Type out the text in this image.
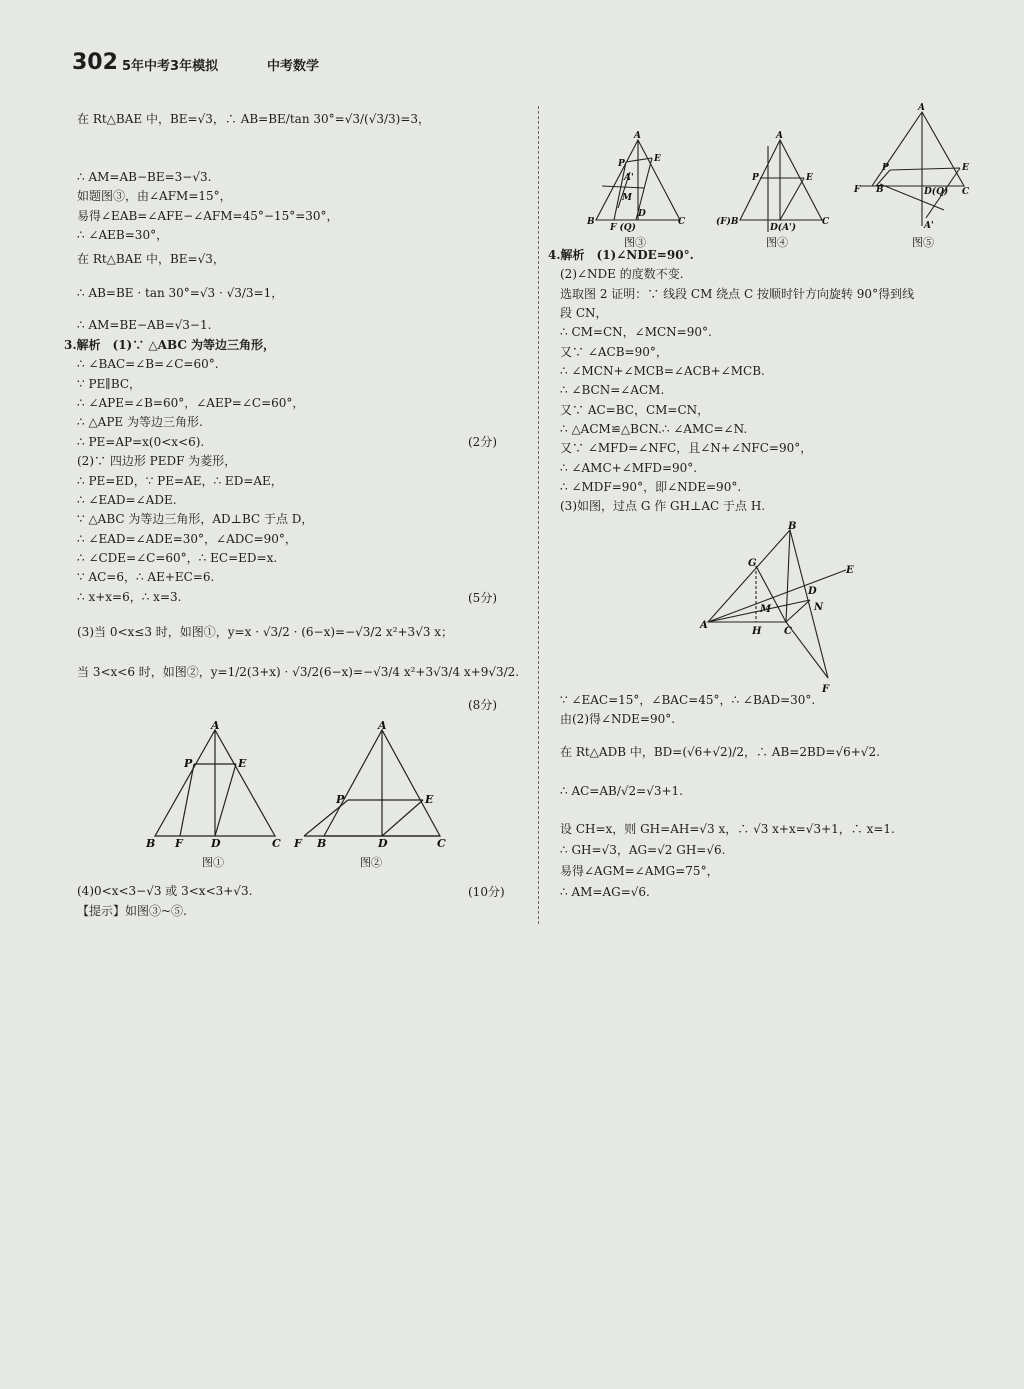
302 5年中考3年模拟	中考数学
在 Rt△BAE 中，BE=√3，∴ AB=BE/tan 30°=√3/(√3/3)=3，
∴ AM=AB−BE=3−√3.
如题图③，由∠AFM=15°，
易得∠EAB=∠AFE−∠AFM=45°−15°=30°，
∴ ∠AEB=30°，
在 Rt△BAE 中，BE=√3，
∴ AB=BE · tan 30°=√3 · √3/3=1，
∴ AM=BE−AB=√3−1.
3.解析　(1)∵ △ABC 为等边三角形，
∴ ∠BAC=∠B=∠C=60°.
∵ PE∥BC，
∴ ∠APE=∠B=60°，∠AEP=∠C=60°，
∴ △APE 为等边三角形.
∴ PE=AP=x(0<x<6).
(2)∵ 四边形 PEDF 为菱形，
∴ PE=ED，∵ PE=AE，∴ ED=AE，
∴ ∠EAD=∠ADE.
∵ △ABC 为等边三角形，AD⊥BC 于点 D，
∴ ∠EAD=∠ADE=30°，∠ADC=90°，
∴ ∠CDE=∠C=60°，∴ EC=ED=x.
∵ AC=6，∴ AE+EC=6.
∴ x+x=6，∴ x=3.
(3)当 0<x≤3 时，如图①，y=x · √3/2 · (6−x)=−√3/2 x²+3√3 x；
当 3<x<6 时，如图②，y=1/2(3+x) · √3/2(6−x)=−√3/4 x²+3√3/4 x+9√3/2.
(4)0<x<3−√3 或 3<x<3+√3.
【提示】如图③~⑤.
(2分)
(5分)
(8分)
(10分)
4.解析　(1)∠NDE=90°.
(2)∠NDE 的度数不变.
选取图 2 证明：∵ 线段 CM 绕点 C 按顺时针方向旋转 90°得到线
段 CN，
∴ CM=CN，∠MCN=90°.
又∵ ∠ACB=90°，
∴ ∠MCN+∠MCB=∠ACB+∠MCB.
∴ ∠BCN=∠ACM.
又∵ AC=BC，CM=CN，
∴ △ACM≌△BCN.∴ ∠AMC=∠N.
又∵ ∠MFD=∠NFC，且∠N+∠NFC=90°，
∴ ∠AMC+∠MFD=90°.
∴ ∠MDF=90°，即∠NDE=90°.
(3)如图，过点 G 作 GH⊥AC 于点 H.
∵ ∠EAC=15°，∠BAC=45°，∴ ∠BAD=30°.
由(2)得∠NDE=90°.
在 Rt△ADB 中，BD=(√6+√2)/2，∴ AB=2BD=√6+√2.
∴ AC=AB/√2=√3+1.
设 CH=x，则 GH=AH=√3 x，∴ √3 x+x=√3+1，∴ x=1.
∴ GH=√3，AG=√2 GH=√6.
易得∠AGM=∠AMG=75°，
∴ AM=AG=√6.
A
P	E
B F	D	C
图①
A
P	E
F B	D	C
图②
A
P	E
A'
M
B
F (Q)
D
C
图③
A
P	E
(F)B
D(A')
C
图④
A
P	E
F B	D(Q) C
A'
图⑤
G
B
E
D
M	N
A
H C
F
